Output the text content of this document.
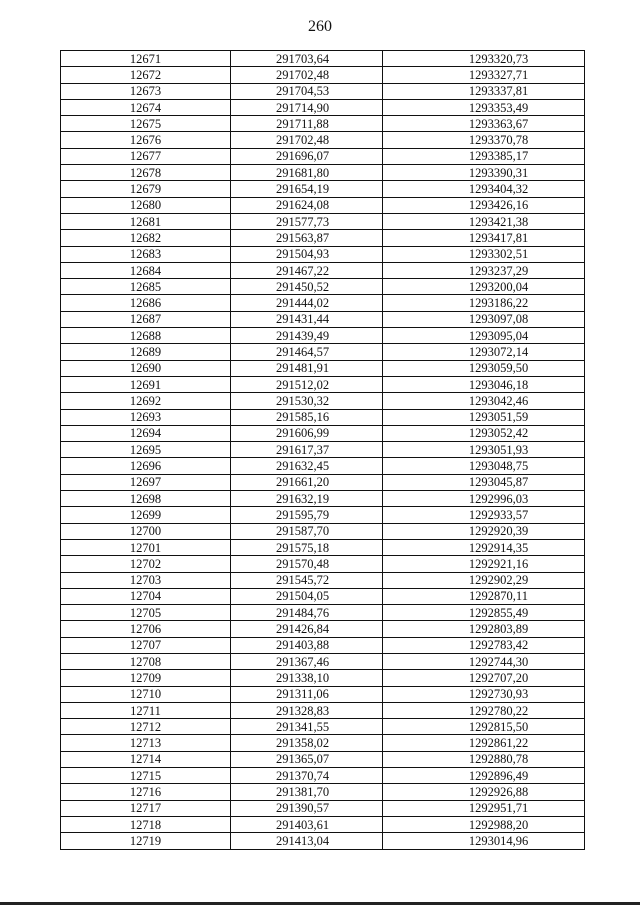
260
12671	291703,64	1293320,73
12672	291702,48	1293327,71
12673	291704,53	1293337,81
12674	291714,90	1293353,49
12675	291711,88	1293363,67
12676	291702,48	1293370,78
12677	291696,07	1293385,17
12678	291681,80	1293390,31
12679	291654,19	1293404,32
12680	291624,08	1293426,16
12681	291577,73	1293421,38
12682	291563,87	1293417,81
12683	291504,93	1293302,51
12684	291467,22	1293237,29
12685	291450,52	1293200,04
12686	291444,02	1293186,22
12687	291431,44	1293097,08
12688	291439,49	1293095,04
12689	291464,57	1293072,14
12690	291481,91	1293059,50
12691	291512,02	1293046,18
12692	291530,32	1293042,46
12693	291585,16	1293051,59
12694	291606,99	1293052,42
12695	291617,37	1293051,93
12696	291632,45	1293048,75
12697	291661,20	1293045,87
12698	291632,19	1292996,03
12699	291595,79	1292933,57
12700	291587,70	1292920,39
12701	291575,18	1292914,35
12702	291570,48	1292921,16
12703	291545,72	1292902,29
12704	291504,05	1292870,11
12705	291484,76	1292855,49
12706	291426,84	1292803,89
12707	291403,88	1292783,42
12708	291367,46	1292744,30
12709	291338,10	1292707,20
12710	291311,06	1292730,93
12711	291328,83	1292780,22
12712	291341,55	1292815,50
12713	291358,02	1292861,22
12714	291365,07	1292880,78
12715	291370,74	1292896,49
12716	291381,70	1292926,88
12717	291390,57	1292951,71
12718	291403,61	1292988,20
12719	291413,04	1293014,96
